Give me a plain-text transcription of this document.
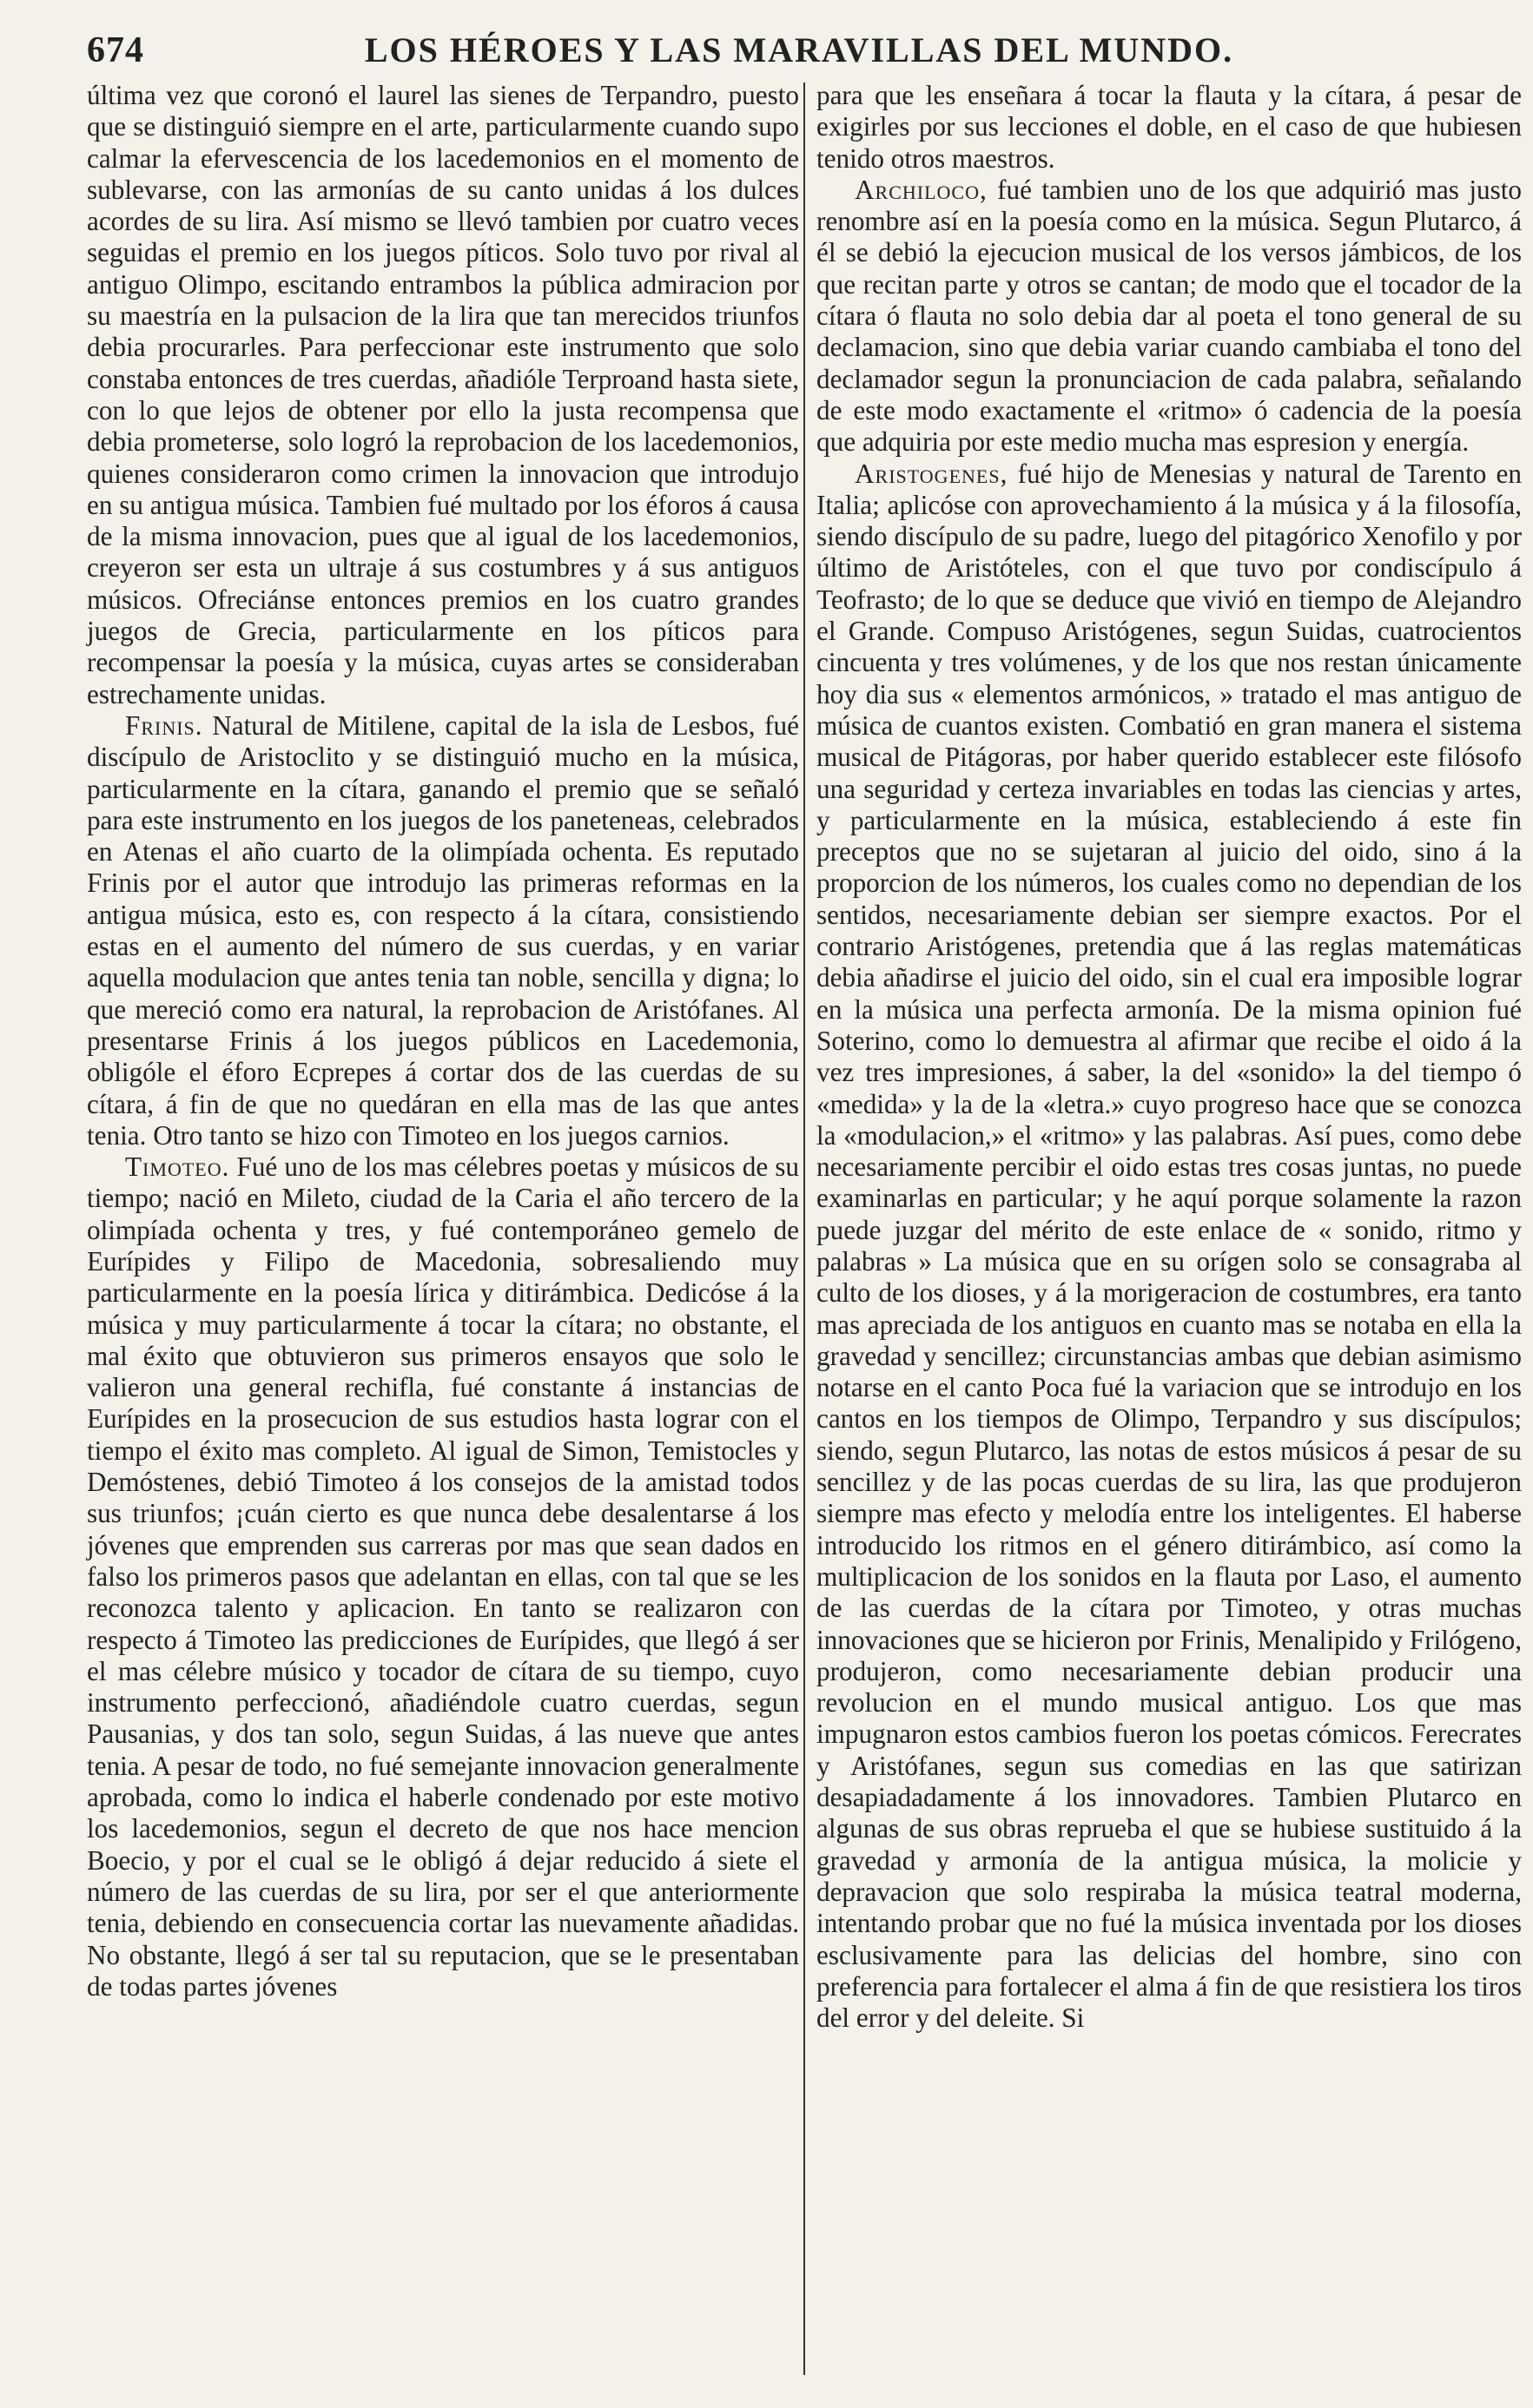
674	LOS HÉROES Y LAS MARAVILLAS DEL MUNDO.

última vez que coronó el laurel las sienes de Terpandro, puesto que se distinguió siempre en el arte, particularmente cuando supo calmar la efervescencia de los lacedemonios en el momento de sublevarse, con las armonías de su canto unidas á los dulces acordes de su lira. Así mismo se llevó tambien por cuatro veces seguidas el premio en los juegos píticos. Solo tuvo por rival al antiguo Olimpo, escitando entrambos la pública admiracion por su maestría en la pulsacion de la lira que tan merecidos triunfos debia procurarles. Para perfeccionar este instrumento que solo constaba entonces de tres cuerdas, añadióle Terproand hasta siete, con lo que lejos de obtener por ello la justa recompensa que debia prometerse, solo logró la reprobacion de los lacedemonios, quienes consideraron como crimen la innovacion que introdujo en su antigua música. Tambien fué multado por los éforos á causa de la misma innovacion, pues que al igual de los lacedemonios, creyeron ser esta un ultraje á sus costumbres y á sus antiguos músicos. Ofreciánse entonces premios en los cuatro grandes juegos de Grecia, particularmente en los píticos para recompensar la poesía y la música, cuyas artes se consideraban estrechamente unidas.

Frinis. Natural de Mitilene, capital de la isla de Lesbos, fué discípulo de Aristoclito y se distinguió mucho en la música, particularmente en la cítara, ganando el premio que se señaló para este instrumento en los juegos de los paneteneas, celebrados en Atenas el año cuarto de la olimpíada ochenta. Es reputado Frinis por el autor que introdujo las primeras reformas en la antigua música, esto es, con respecto á la cítara, consistiendo estas en el aumento del número de sus cuerdas, y en variar aquella modulacion que antes tenia tan noble, sencilla y digna; lo que mereció como era natural, la reprobacion de Aristófanes. Al presentarse Frinis á los juegos públicos en Lacedemonia, obligóle el éforo Ecprepes á cortar dos de las cuerdas de su cítara, á fin de que no quedáran en ella mas de las que antes tenia. Otro tanto se hizo con Timoteo en los juegos carnios.

Timoteo. Fué uno de los mas célebres poetas y músicos de su tiempo; nació en Mileto, ciudad de la Caria el año tercero de la olimpíada ochenta y tres, y fué contemporáneo gemelo de Eurípides y Filipo de Macedonia, sobresaliendo muy particularmente en la poesía lírica y ditirámbica. Dedicóse á la música y muy particularmente á tocar la cítara; no obstante, el mal éxito que obtuvieron sus primeros ensayos que solo le valieron una general rechifla, fué constante á instancias de Eurípides en la prosecucion de sus estudios hasta lograr con el tiempo el éxito mas completo. Al igual de Simon, Temistocles y Demóstenes, debió Timoteo á los consejos de la amistad todos sus triunfos; ¡cuán cierto es que nunca debe desalentarse á los jóvenes que emprenden sus carreras por mas que sean dados en falso los primeros pasos que adelantan en ellas, con tal que se les reconozca talento y aplicacion. En tanto se realizaron con respecto á Timoteo las predicciones de Eurípides, que llegó á ser el mas célebre músico y tocador de cítara de su tiempo, cuyo instrumento perfeccionó, añadiéndole cuatro cuerdas, segun Pausanias, y dos tan solo, segun Suidas, á las nueve que antes tenia. A pesar de todo, no fué semejante innovacion generalmente aprobada, como lo indica el haberle condenado por este motivo los lacedemonios, segun el decreto de que nos hace mencion Boecio, y por el cual se le obligó á dejar reducido á siete el número de las cuerdas de su lira, por ser el que anteriormente tenia, debiendo en consecuencia cortar las nuevamente añadidas. No obstante, llegó á ser tal su reputacion, que se le presentaban de todas partes jóvenes

para que les enseñara á tocar la flauta y la cítara, á pesar de exigirles por sus lecciones el doble, en el caso de que hubiesen tenido otros maestros.

Archiloco, fué tambien uno de los que adquirió mas justo renombre así en la poesía como en la música. Segun Plutarco, á él se debió la ejecucion musical de los versos jámbicos, de los que recitan parte y otros se cantan; de modo que el tocador de la cítara ó flauta no solo debia dar al poeta el tono general de su declamacion, sino que debia variar cuando cambiaba el tono del declamador segun la pronunciacion de cada palabra, señalando de este modo exactamente el «ritmo» ó cadencia de la poesía que adquiria por este medio mucha mas espresion y energía.

Aristogenes, fué hijo de Menesias y natural de Tarento en Italia; aplicóse con aprovechamiento á la música y á la filosofía, siendo discípulo de su padre, luego del pitagórico Xenofilo y por último de Aristóteles, con el que tuvo por condiscípulo á Teofrasto; de lo que se deduce que vivió en tiempo de Alejandro el Grande. Compuso Aristógenes, segun Suidas, cuatrocientos cincuenta y tres volúmenes, y de los que nos restan únicamente hoy dia sus « elementos armónicos, » tratado el mas antiguo de música de cuantos existen. Combatió en gran manera el sistema musical de Pitágoras, por haber querido establecer este filósofo una seguridad y certeza invariables en todas las ciencias y artes, y particularmente en la música, estableciendo á este fin preceptos que no se sujetaran al juicio del oido, sino á la proporcion de los números, los cuales como no dependian de los sentidos, necesariamente debian ser siempre exactos. Por el contrario Aristógenes, pretendia que á las reglas matemáticas debia añadirse el juicio del oido, sin el cual era imposible lograr en la música una perfecta armonía. De la misma opinion fué Soterino, como lo demuestra al afirmar que recibe el oido á la vez tres impresiones, á saber, la del «sonido» la del tiempo ó «medida» y la de la «letra.» cuyo progreso hace que se conozca la «modulacion,» el «ritmo» y las palabras. Así pues, como debe necesariamente percibir el oido estas tres cosas juntas, no puede examinarlas en particular; y he aquí porque solamente la razon puede juzgar del mérito de este enlace de « sonido, ritmo y palabras » La música que en su orígen solo se consagraba al culto de los dioses, y á la morigeracion de costumbres, era tanto mas apreciada de los antiguos en cuanto mas se notaba en ella la gravedad y sencillez; circunstancias ambas que debian asimismo notarse en el canto Poca fué la variacion que se introdujo en los cantos en los tiempos de Olimpo, Terpandro y sus discípulos; siendo, segun Plutarco, las notas de estos músicos á pesar de su sencillez y de las pocas cuerdas de su lira, las que produjeron siempre mas efecto y melodía entre los inteligentes. El haberse introducido los ritmos en el género ditirámbico, así como la multiplicacion de los sonidos en la flauta por Laso, el aumento de las cuerdas de la cítara por Timoteo, y otras muchas innovaciones que se hicieron por Frinis, Menalipido y Frilógeno, produjeron, como necesariamente debian producir una revolucion en el mundo musical antiguo. Los que mas impugnaron estos cambios fueron los poetas cómicos. Ferecrates y Aristófanes, segun sus comedias en las que satirizan desapiadadamente á los innovadores. Tambien Plutarco en algunas de sus obras reprueba el que se hubiese sustituido á la gravedad y armonía de la antigua música, la molicie y depravacion que solo respiraba la música teatral moderna, intentando probar que no fué la música inventada por los dioses esclusivamente para las delicias del hombre, sino con preferencia para fortalecer el alma á fin de que resistiera los tiros del error y del deleite. Si
